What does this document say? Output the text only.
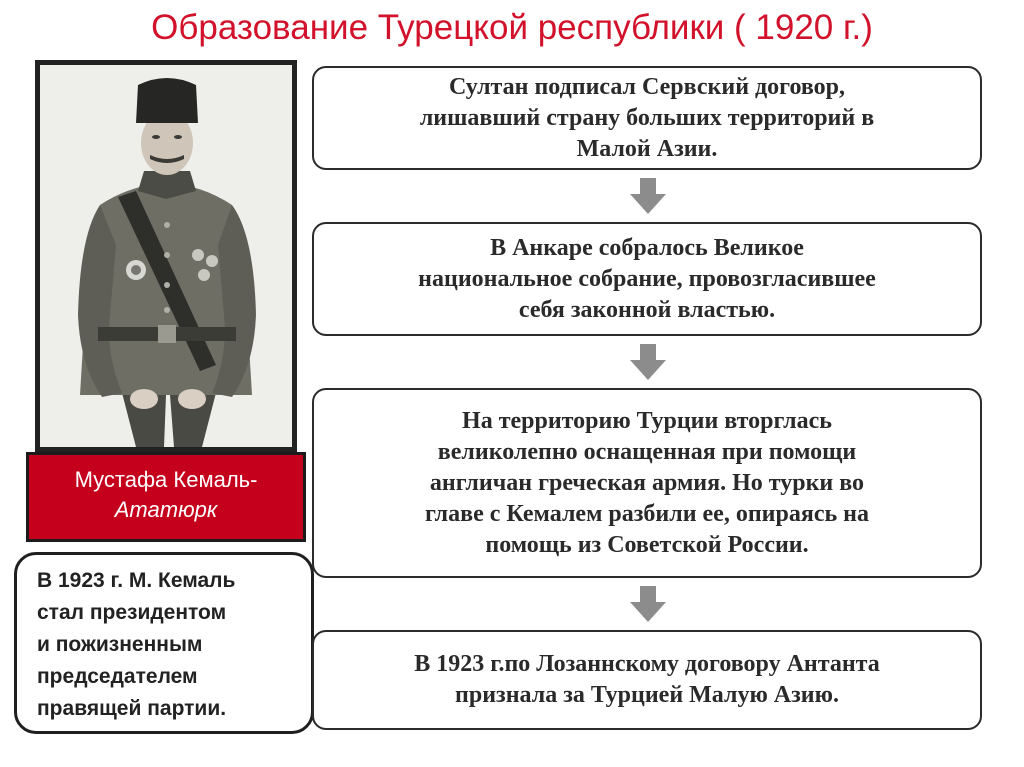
Образование Турецкой республики ( 1920 г.)
Мустафа Кемаль-
Ататюрк
В 1923 г. М. Кемаль
стал президентом
и пожизненным
председателем
правящей партии.
Султан подписал Сервский договор,
лишавший страну больших территорий в
Малой Азии.
В Анкаре собралось Великое
национальное собрание, провозгласившее
себя законной властью.
На территорию Турции вторглась
великолепно оснащенная при помощи
англичан греческая армия. Но турки во
главе с Кемалем разбили ее, опираясь на
помощь из Советской России.
В 1923 г.по Лозаннскому договору Антанта
признала за Турцией Малую Азию.
